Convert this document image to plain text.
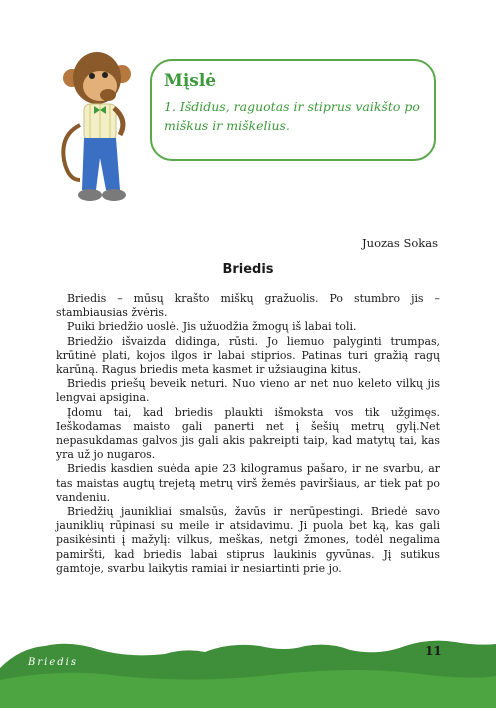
Mįslė
1. Išdidus, raguotas ir stiprus vaikšto po miškus ir miškelius.
Juozas Sokas
Briedis

Briedis – mūsų krašto miškų gražuolis. Po stumbro jis – stambiausias žvėris.

Puiki briedžio uoslė. Jis užuodžia žmogų iš labai toli.

Briedžio išvaizda didinga, rūsti. Jo liemuo palyginti trumpas, krūtinė plati, kojos ilgos ir labai stiprios. Patinas turi gražią ragų karūną. Ragus briedis meta kasmet ir užsiaugina kitus.

Briedis priešų beveik neturi. Nuo vieno ar net nuo keleto vilkų jis lengvai apsigina.

Įdomu tai, kad briedis plaukti išmoksta vos tik užgimęs. Ieškodamas maisto gali panerti net į šešių metrų gylį.Net nepasukdamas galvos jis gali akis pakreipti taip, kad matytų tai, kas yra už jo nugaros.

Briedis kasdien suėda apie 23 kilogramus pašaro, ir ne svarbu, ar tas maistas augtų trejetą metrų virš žemės paviršiaus, ar tiek pat po vandeniu.

Briedžių jaunikliai smalsūs, žavūs ir nerūpestingi. Briedė savo jauniklių rūpinasi su meile ir atsidavimu. Ji puola bet ką, kas gali pasikėsinti į mažylį: vilkus, meškas, netgi žmones, todėl negalima pamiršti, kad briedis labai stiprus laukinis gyvūnas. Jį sutikus gamtoje, svarbu laikytis ramiai ir nesiartinti prie jo.

Briedis
11
